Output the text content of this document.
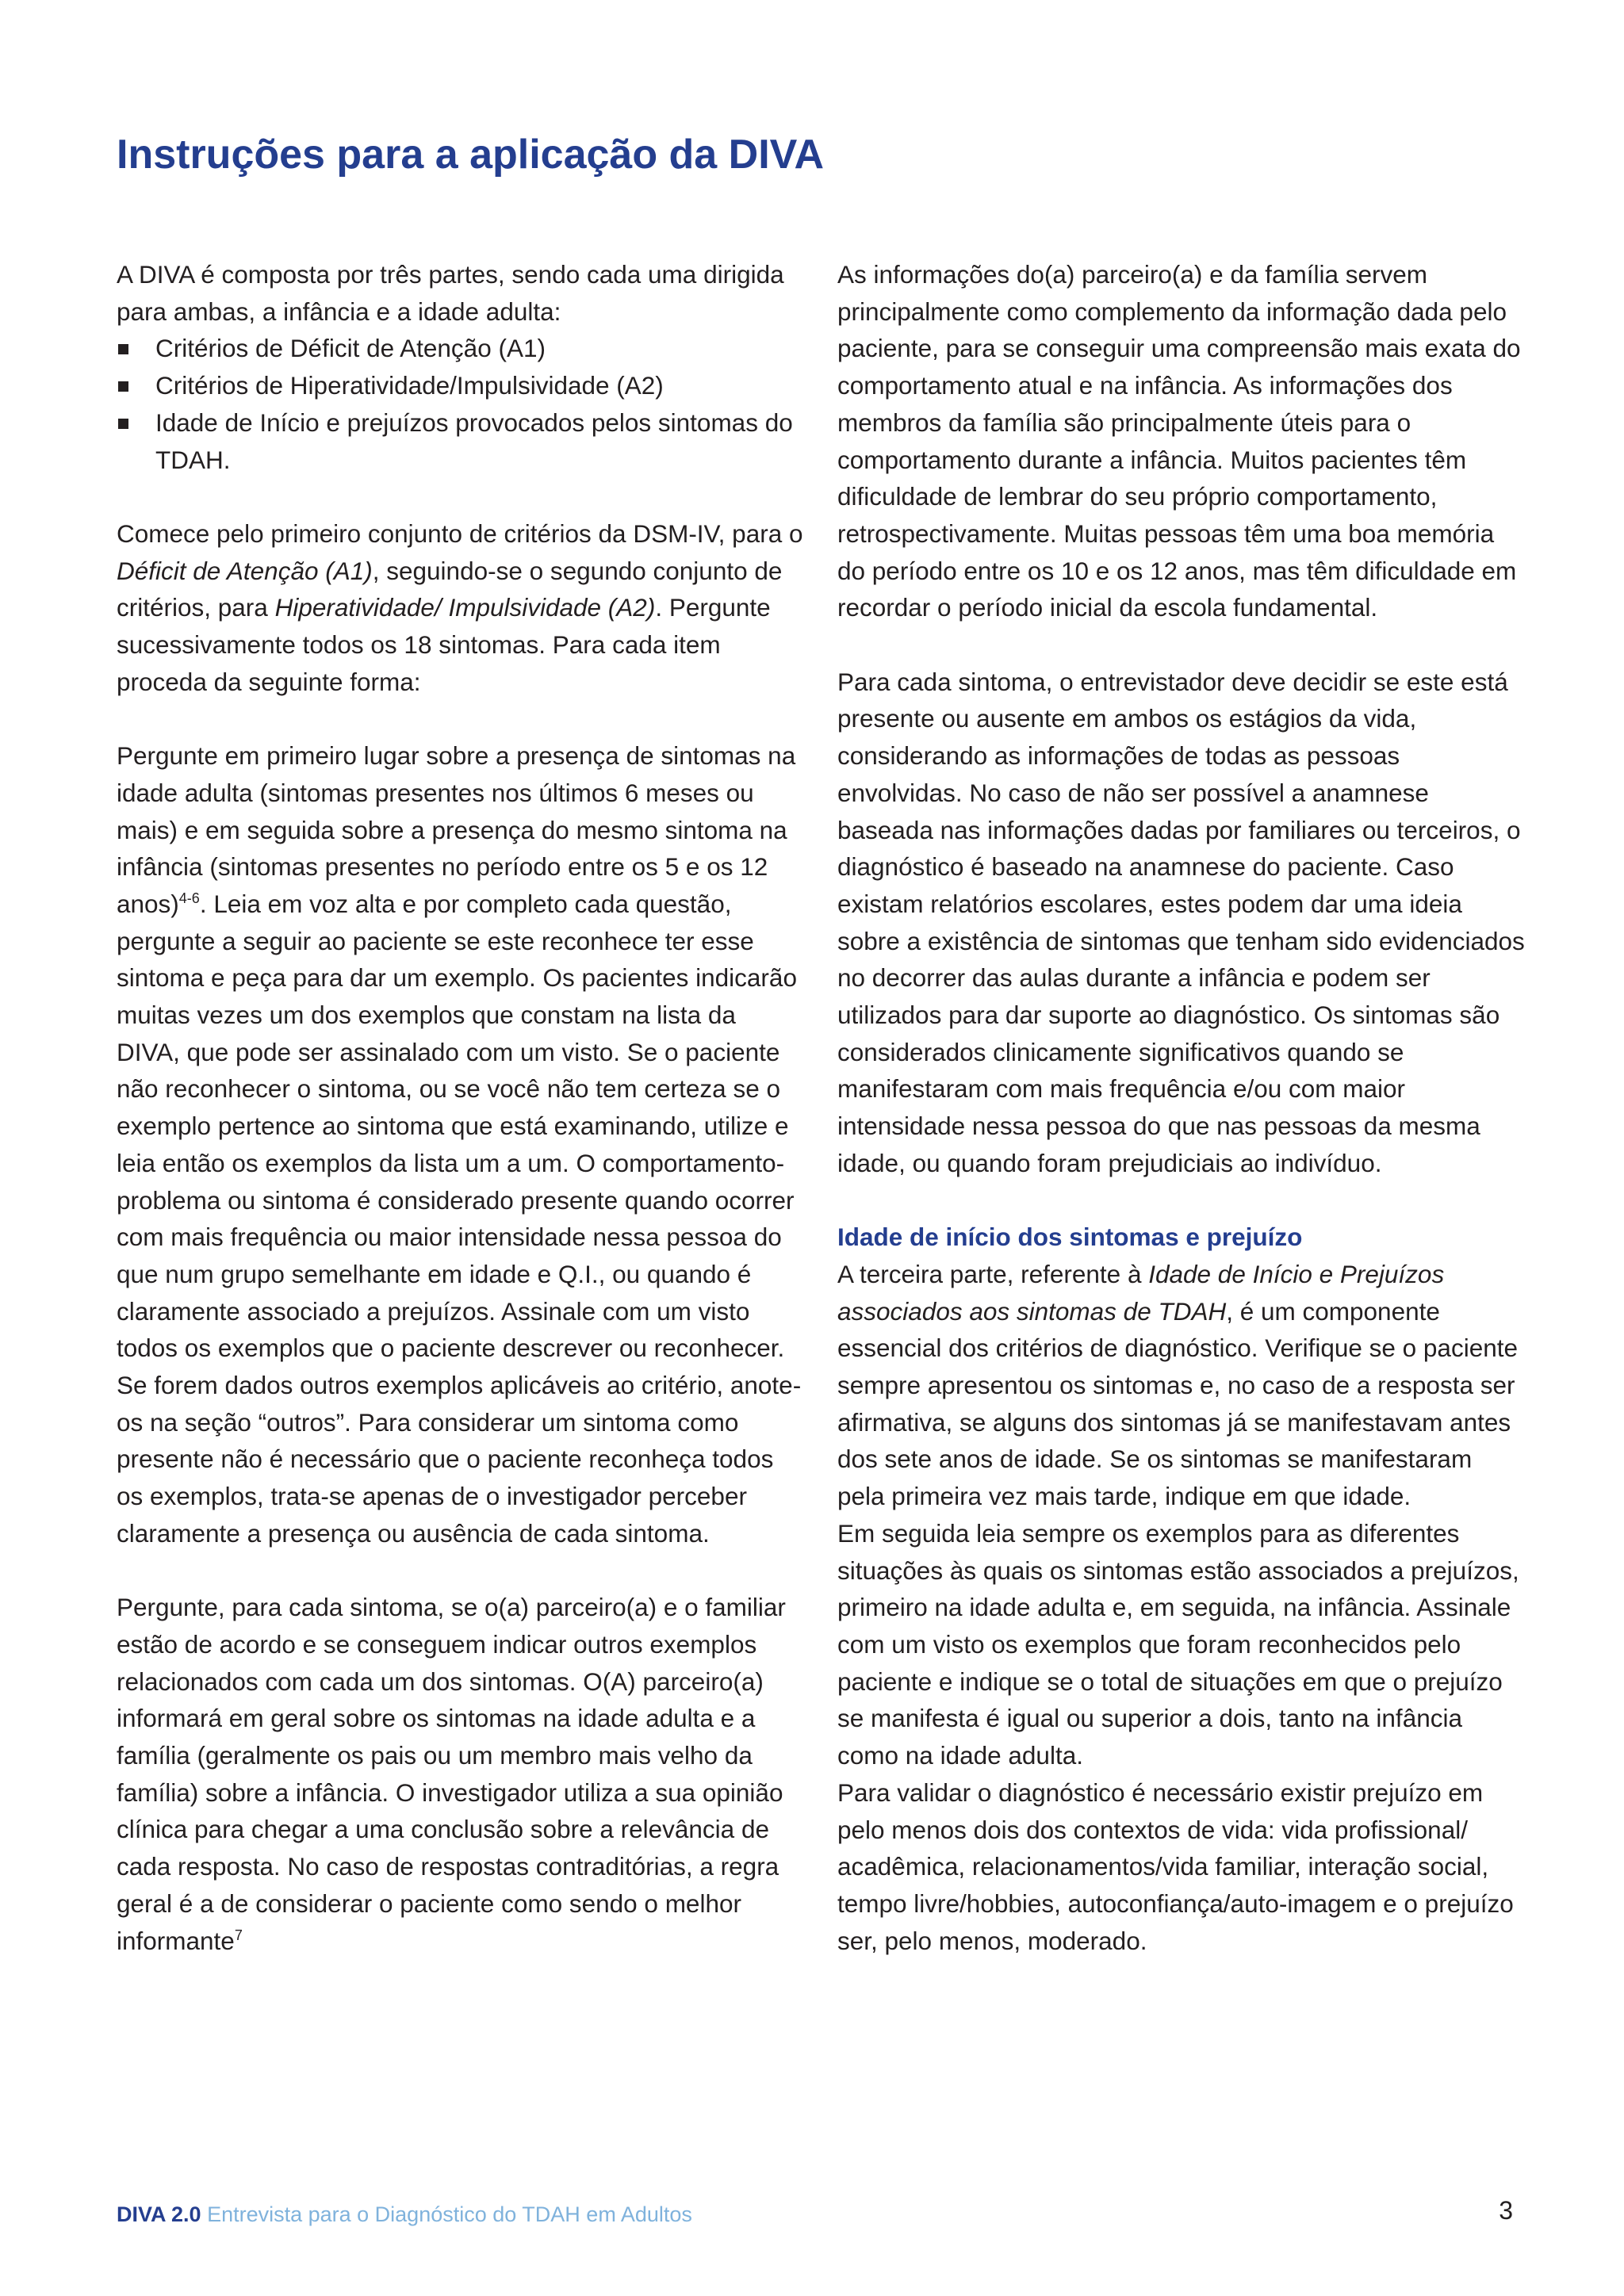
Instruções para a aplicação da DIVA

A DIVA é composta por três partes, sendo cada uma dirigida para ambas, a infância e a idade adulta:

Critérios de Déficit de Atenção (A1)
Critérios de Hiperatividade/Impulsividade (A2)
Idade de Início e prejuízos provocados pelos sintomas do TDAH.

Comece pelo primeiro conjunto de critérios da DSM-IV, para o Déficit de Atenção (A1), seguindo-se o segundo conjunto de critérios, para Hiperatividade/ Impulsividade (A2). Pergunte sucessivamente todos os 18 sintomas. Para cada item proceda da seguinte forma:

Pergunte em primeiro lugar sobre a presença de sintomas na idade adulta (sintomas presentes nos últimos 6 meses ou mais) e em seguida sobre a presença do mesmo sintoma na infância (sintomas presentes no período entre os 5 e os 12 anos)$^{4-6}$. Leia em voz alta e por completo cada questão, pergunte a seguir ao paciente se este reconhece ter esse sintoma e peça para dar um exemplo. Os pacientes indicarão muitas vezes um dos exemplos que constam na lista da DIVA, que pode ser assinalado com um visto. Se o paciente não reconhecer o sintoma, ou se você não tem certeza se o exemplo pertence ao sintoma que está examinando, utilize e leia então os exemplos da lista um a um. O comportamento-problema ou sintoma é considerado presente quando ocorrer com mais frequência ou maior intensidade nessa pessoa do que num grupo semelhante em idade e Q.I., ou quando é claramente associado a prejuízos. Assinale com um visto todos os exemplos que o paciente descrever ou reconhecer. Se forem dados outros exemplos aplicáveis ao critério, anote-os na seção “outros”. Para considerar um sintoma como presente não é necessário que o paciente reconheça todos os exemplos, trata-se apenas de o investigador perceber claramente a presença ou ausência de cada sintoma.

Pergunte, para cada sintoma, se o(a) parceiro(a) e o familiar estão de acordo e se conseguem indicar outros exemplos relacionados com cada um dos sintomas. O(A) parceiro(a) informará em geral sobre os sintomas na idade adulta e a família (geralmente os pais ou um membro mais velho da família) sobre a infância. O investigador utiliza a sua opinião clínica para chegar a uma conclusão sobre a relevância de cada resposta. No caso de respostas contraditórias, a regra geral é a de considerar o paciente como sendo o melhor informante$^7$

As informações do(a) parceiro(a) e da família servem principalmente como complemento da informação dada pelo paciente, para se conseguir uma compreensão mais exata do comportamento atual e na infância. As informações dos membros da família são principalmente úteis para o comportamento durante a infância. Muitos pacientes têm dificuldade de lembrar do seu próprio comportamento, retrospectivamente. Muitas pessoas têm uma boa memória do período entre os 10 e os 12 anos, mas têm dificuldade em recordar o período inicial da escola fundamental.

Para cada sintoma, o entrevistador deve decidir se este está presente ou ausente em ambos os estágios da vida, considerando as informações de todas as pessoas envolvidas. No caso de não ser possível a anamnese baseada nas informações dadas por familiares ou terceiros, o diagnóstico é baseado na anamnese do paciente. Caso existam relatórios escolares, estes podem dar uma ideia sobre a existência de sintomas que tenham sido evidenciados no decorrer das aulas durante a infância e podem ser utilizados para dar suporte ao diagnóstico. Os sintomas são considerados clinicamente significativos quando se manifestaram com mais frequência e/ou com maior intensidade nessa pessoa do que nas pessoas da mesma idade, ou quando foram prejudiciais ao indivíduo.

Idade de início dos sintomas e prejuízo

A terceira parte, referente à Idade de Início e Prejuízos associados aos sintomas de TDAH, é um componente essencial dos critérios de diagnóstico. Verifique se o paciente sempre apresentou os sintomas e, no caso de a resposta ser afirmativa, se alguns dos sintomas já se manifestavam antes dos sete anos de idade. Se os sintomas se manifestaram pela primeira vez mais tarde, indique em que idade.

Em seguida leia sempre os exemplos para as diferentes situações às quais os sintomas estão associados a prejuízos, primeiro na idade adulta e, em seguida, na infância. Assinale com um visto os exemplos que foram reconhecidos pelo paciente e indique se o total de situações em que o prejuízo se manifesta é igual ou superior a dois, tanto na infância como na idade adulta.

Para validar o diagnóstico é necessário existir prejuízo em pelo menos dois dos contextos de vida: vida profissional/ acadêmica, relacionamentos/vida familiar, interação social, tempo livre/hobbies, autoconfiança/auto-imagem e o prejuízo ser, pelo menos, moderado.

DIVA 2.0 Entrevista para o Diagnóstico do TDAH em Adultos	3
